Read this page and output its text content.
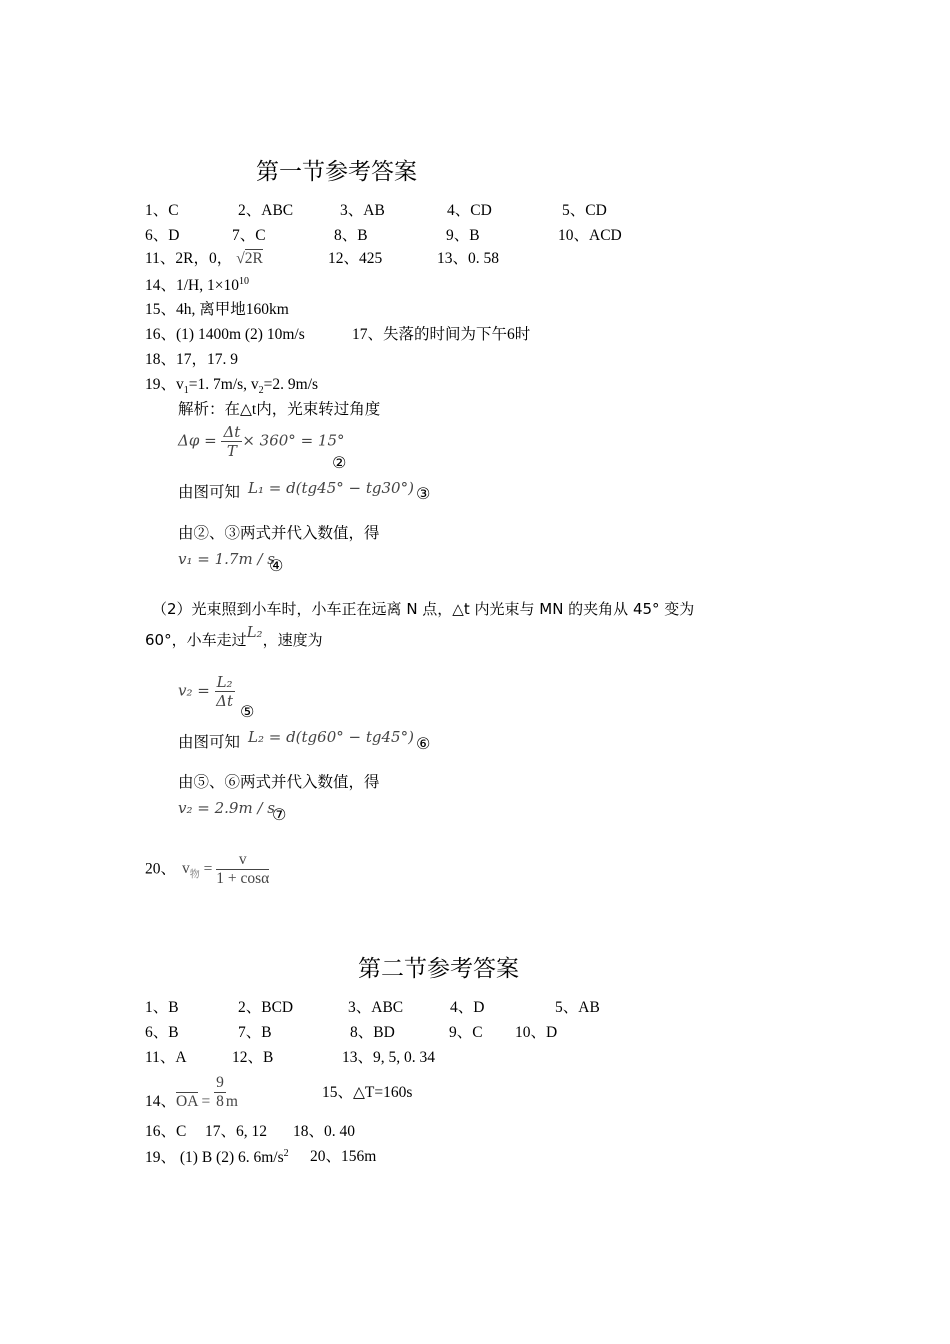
第一节参考答案
1、C	2、ABC	3、AB	4、CD	5、CD
6、D	7、C	8、B	9、B	10、ACD
11、2R，0， √2R	12、425	13、0. 58
14、1/H, $1\times 10^{10}$
15、4h, 离甲地160km
16、(1) 1400m (2) 10m/s	17、失落的时间为下午6时
18、17，17. 9
19、$v_1=1$. 7m/s, $v_2=2$. 9m/s
解析：在△t内，光束转过角度
$\Delta\varphi = \frac{\Delta t}{T} \times 360^\circ = 15^\circ$
②
由图可知 L₁ = d(tg45° − tg30°) ③
由②、③两式并代入数值，得
v₁ = 1.7m / s
④
（2）光束照到小车时，小车正在远离 N 点，△t 内光束与 MN 的夹角从 45° 变为
60°，小车走过L₂，速度为
$v_2 = \frac{\text{L₂}}{\Delta t}$
⑤
由图可知 L₂ = d(tg60° − tg45°) ⑥
由⑤、⑥两式并代入数值，得
v₂ = 2.9m / s
⑦
20、 $v_物 = \frac{v}{1 + \cos\alpha}$
第二节参考答案
1、B	2、BCD	3、ABC	4、D	5、AB
6、B	7、B	8、BD	9、C 10、D
11、A	12、B	13、9, 5, 0. 34
14、OA = $\frac{9}{8}$ m
15、△T=160s
16、C 17、6, 12 18、0. 40
19、 (1) B (2) 6. $6m/s^2$ 20、156m
